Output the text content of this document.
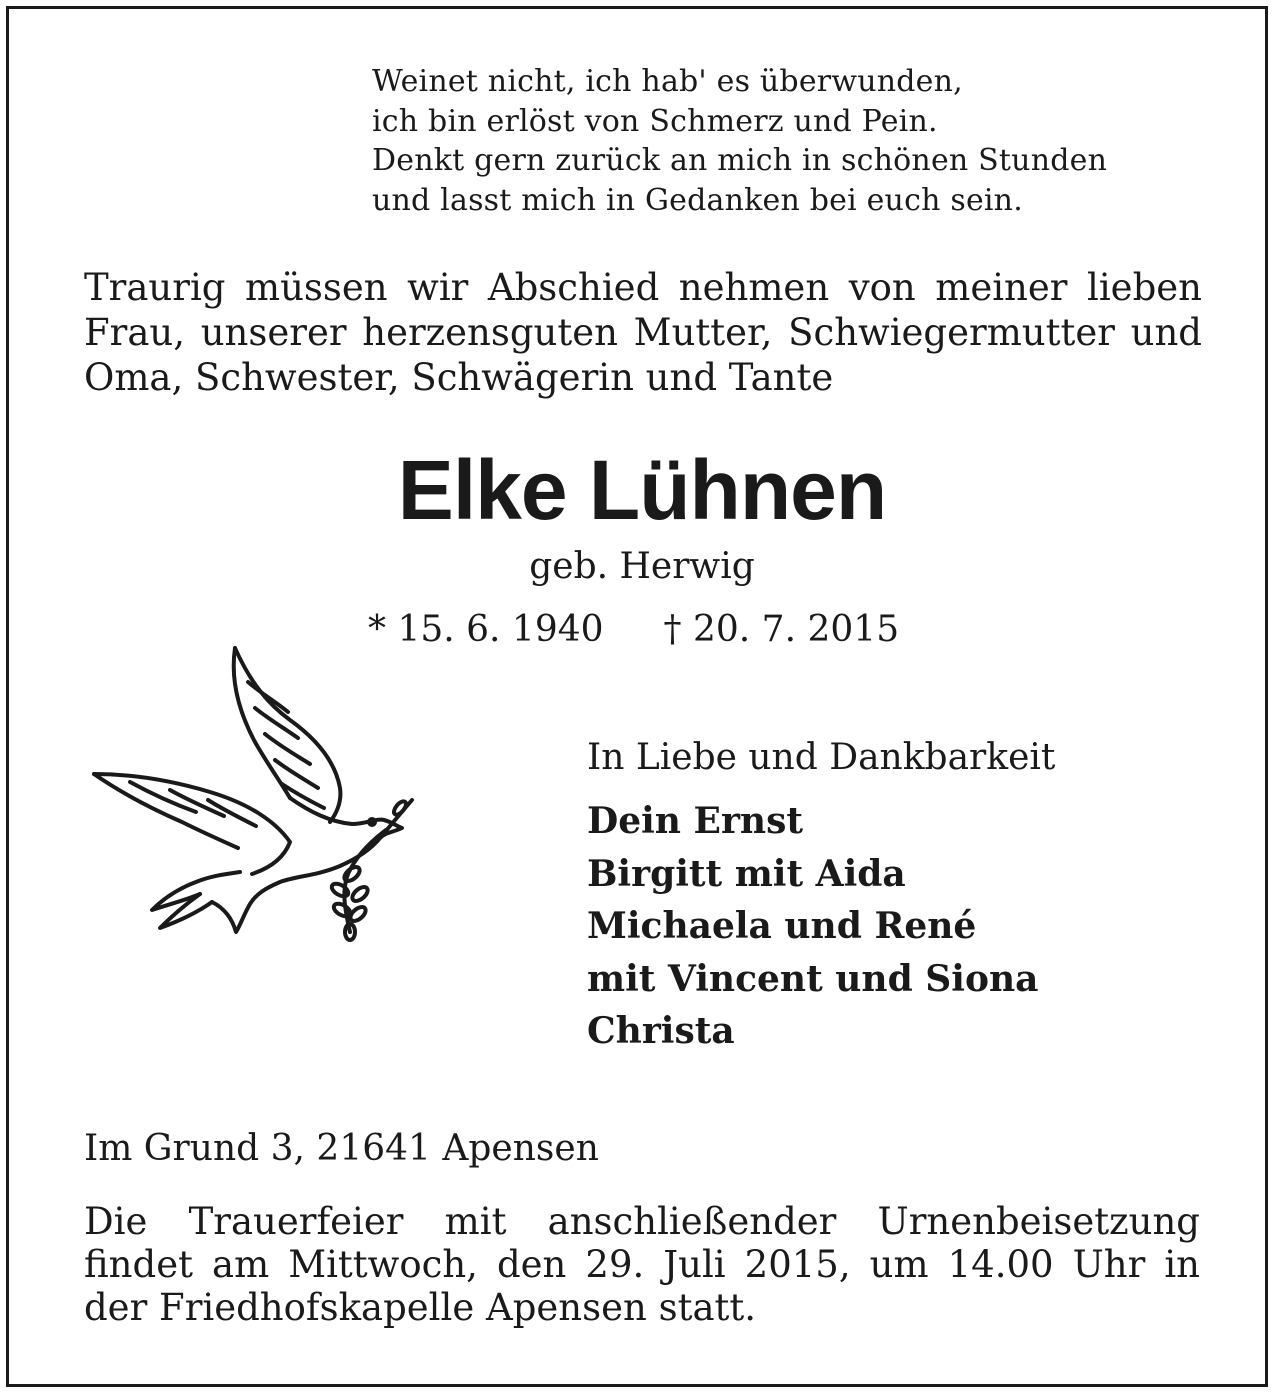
Weinet nicht, ich hab' es überwunden,
ich bin erlöst von Schmerz und Pein.
Denkt gern zurück an mich in schönen Stunden
und lasst mich in Gedanken bei euch sein.
Traurig müssen wir Abschied nehmen von meiner lieben Frau, unserer herzensguten Mutter, Schwiegermutter und Oma, Schwester, Schwägerin und Tante
Elke Lühnen
geb. Herwig
* 15. 6. 1940 † 20. 7. 2015
In Liebe und Dankbarkeit
Dein Ernst
Birgitt mit Aida
Michaela und René
mit Vincent und Siona
Christa
Im Grund 3, 21641 Apensen
Die Trauerfeier mit anschließender Urnenbeisetzung findet am Mittwoch, den 29. Juli 2015, um 14.00 Uhr in der Friedhofskapelle Apensen statt.
